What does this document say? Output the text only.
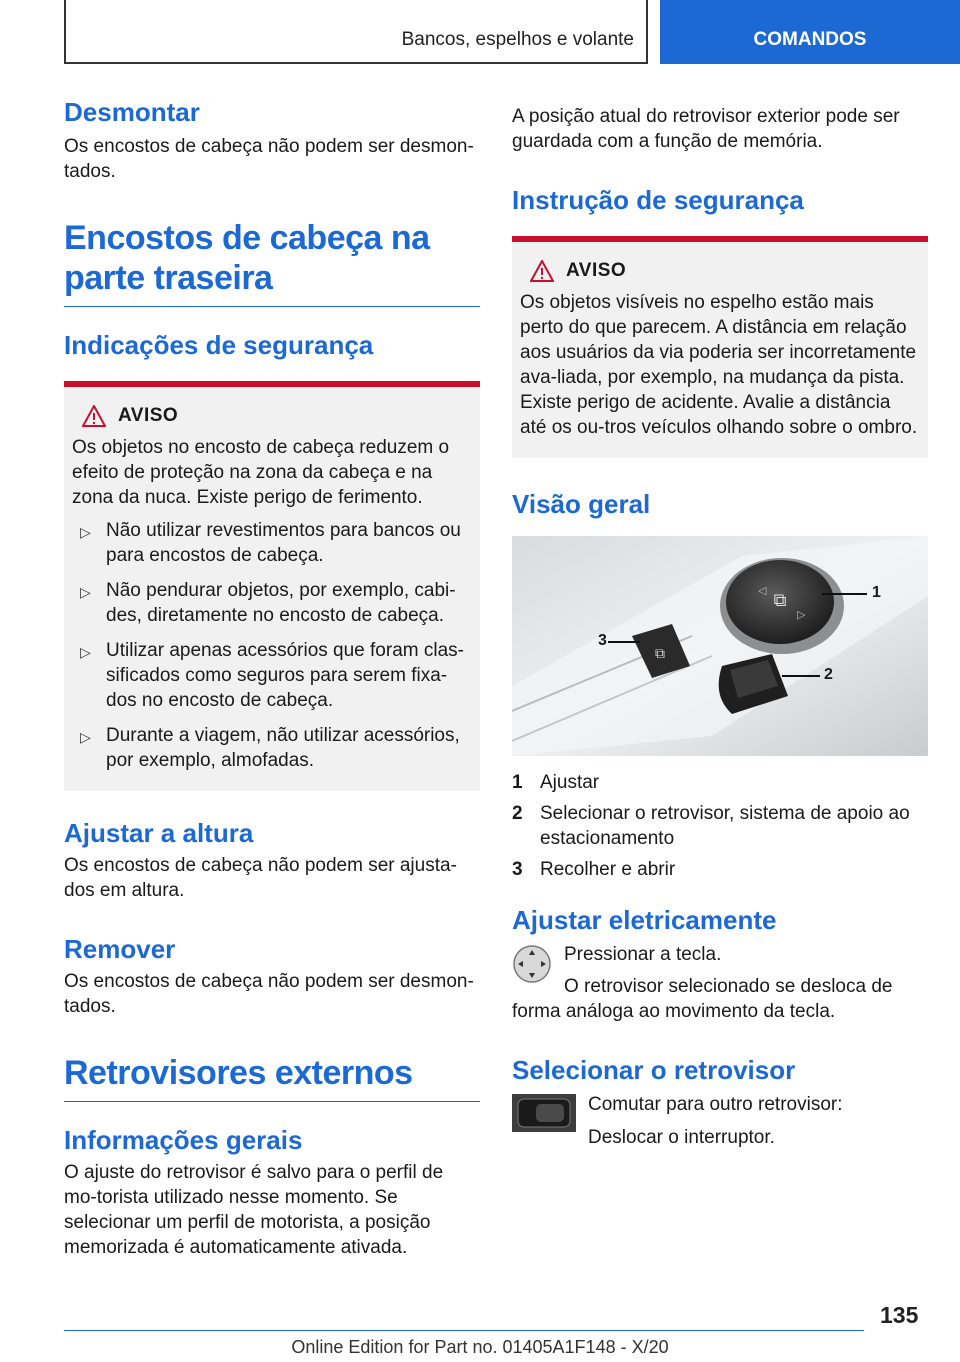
Bancos, espelhos e volante	COMANDOS
Desmontar

Os encostos de cabeça não podem ser desmon-tados.

Encostos de cabeça na parte traseira
Indicações de segurança
AVISO

Os objetos no encosto de cabeça reduzem o efeito de proteção na zona da cabeça e na zona da nuca. Existe perigo de ferimento.

▷ Não utilizar revestimentos para bancos ou para encostos de cabeça.
▷ Não pendurar objetos, por exemplo, cabi-des, diretamente no encosto de cabeça.
▷ Utilizar apenas acessórios que foram clas-sificados como seguros para serem fixa-dos no encosto de cabeça.
▷ Durante a viagem, não utilizar acessórios, por exemplo, almofadas.
Ajustar a altura

Os encostos de cabeça não podem ser ajusta-dos em altura.

Remover

Os encostos de cabeça não podem ser desmon-tados.

Retrovisores externos
Informações gerais

O ajuste do retrovisor é salvo para o perfil de mo-torista utilizado nesse momento. Se selecionar um perfil de motorista, a posição memorizada é automaticamente ativada.

A posição atual do retrovisor exterior pode ser guardada com a função de memória.

Instrução de segurança
AVISO

Os objetos visíveis no espelho estão mais perto do que parecem. A distância em relação aos usuários da via poderia ser incorretamente ava-liada, por exemplo, na mudança da pista. Existe perigo de acidente. Avalie a distância até os ou-tros veículos olhando sobre o ombro.

Visão geral
⧉
◁
▷
⧉
1
2
3
1 Ajustar
2 Selecionar o retrovisor, sistema de apoio ao estacionamento
3 Recolher e abrir
Ajustar eletricamente

Pressionar a tecla.

O retrovisor selecionado se desloca de forma análoga ao movimento da tecla.

Selecionar o retrovisor

Comutar para outro retrovisor:

Deslocar o interruptor.

135
Online Edition for Part no. 01405A1F148 - X/20
